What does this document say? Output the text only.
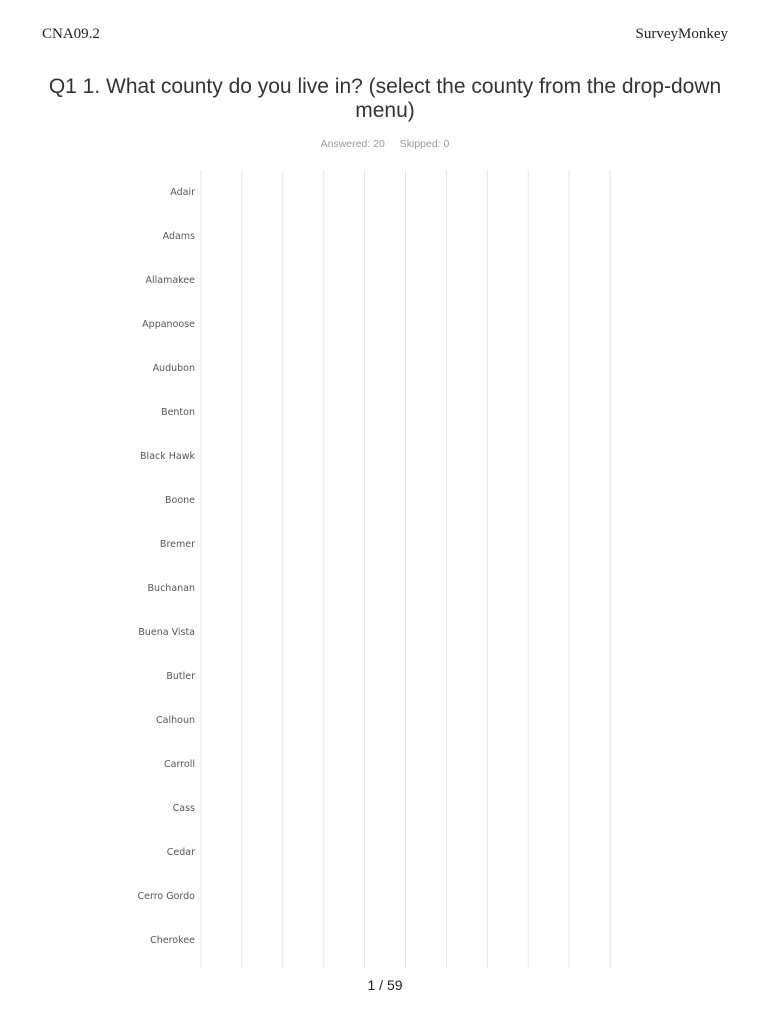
CNA09.2	SurveyMonkey
Q1 1. What county do you live in? (select the county from the drop-down menu)
Answered: 20 Skipped: 0
Adair
Adams
Allamakee
Appanoose
Audubon
Benton
Black Hawk
Boone
Bremer
Buchanan
Buena Vista
Butler
Calhoun
Carroll
Cass
Cedar
Cerro Gordo
Cherokee
1 / 59
